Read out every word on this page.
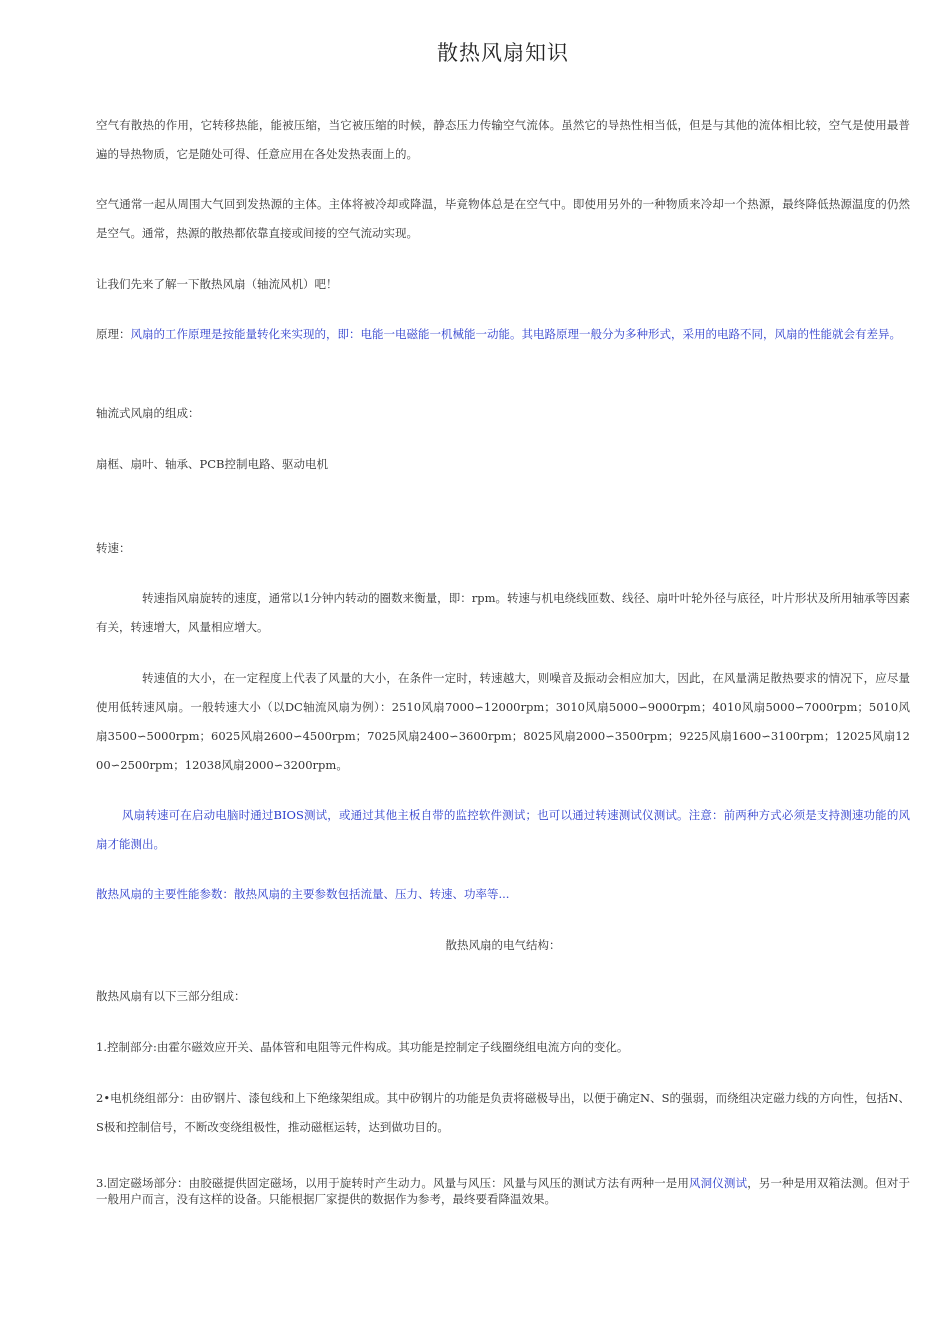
散热风扇知识

空气有散热的作用，它转移热能，能被压缩，当它被压缩的时候，静态压力传输空气流体。虽然它的导热性相当低，但是与其他的流体相比较，空气是使用最普遍的导热物质，它是随处可得、任意应用在各处发热表面上的。

空气通常一起从周围大气回到发热源的主体。主体将被冷却或降温，毕竟物体总是在空气中。即使用另外的一种物质来冷却一个热源，最终降低热源温度的仍然是空气。通常，热源的散热都依靠直接或间接的空气流动实现。

让我们先来了解一下散热风扇（轴流风机）吧！

原理：风扇的工作原理是按能量转化来实现的，即：电能一电磁能一机械能一动能。其电路原理一般分为多种形式，采用的电路不同，风扇的性能就会有差异。

轴流式风扇的组成：

扇框、扇叶、轴承、PCB控制电路、驱动电机

转速：

转速指风扇旋转的速度，通常以1分钟内转动的圈数来衡量，即：rpm。转速与机电绕线匝数、线径、扇叶叶轮外径与底径，叶片形状及所用轴承等因素有关，转速增大，风量相应增大。

转速值的大小，在一定程度上代表了风量的大小，在条件一定时，转速越大，则噪音及振动会相应加大，因此，在风量满足散热要求的情况下，应尽量使用低转速风扇。一般转速大小（以DC轴流风扇为例）：2510风扇7000∽12000rpm；3010风扇5000∽9000rpm；4010风扇5000∽7000rpm；5010风扇3500∽5000rpm；6025风扇2600∽4500rpm；7025风扇2400∽3600rpm；8025风扇2000∽3500rpm；9225风扇1600∽3100rpm；12025风扇1200∽2500rpm；12038风扇2000∽3200rpm。

风扇转速可在启动电脑时通过BIOS测试，或通过其他主板自带的监控软件测试；也可以通过转速测试仪测试。注意：前两种方式必须是支持测速功能的风扇才能测出。

散热风扇的主要性能参数：散热风扇的主要参数包括流量、压力、转速、功率等...

散热风扇的电气结构：

散热风扇有以下三部分组成：

1.控制部分:由霍尔磁效应开关、晶体管和电阻等元件构成。其功能是控制定子线圈绕组电流方向的变化。

2•电机绕组部分：由矽钢片、漆包线和上下绝缘架组成。其中矽钢片的功能是负责将磁极导出，以便于确定N、S的强弱，而绕组决定磁力线的方向性，包括N、S极和控制信号，不断改变绕组极性，推动磁框运转，达到做功目的。

3.固定磁场部分：由胶磁提供固定磁场，以用于旋转时产生动力。风量与风压：风量与风压的测试方法有两种一是用风洞仪测试，另一种是用双箱法测。但对于一般用户而言，没有这样的设备。只能根据厂家提供的数据作为参考，最终要看降温效果。
